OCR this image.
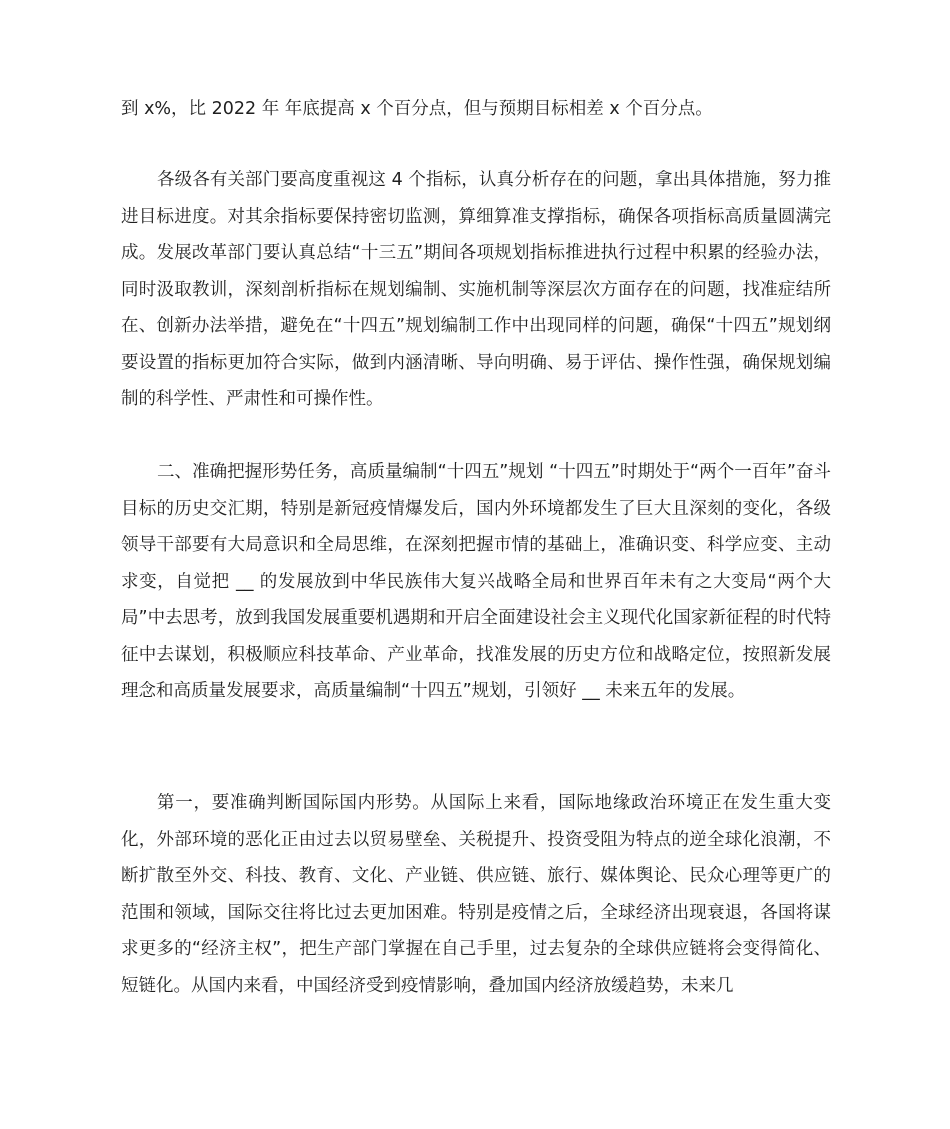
到 x%，比 2022 年 年底提高 x 个百分点，但与预期目标相差 x 个百分点。

各级各有关部门要高度重视这 4 个指标，认真分析存在的问题，拿出具体措施，努力推进目标进度。对其余指标要保持密切监测，算细算准支撑指标，确保各项指标高质量圆满完成。发展改革部门要认真总结“十三五”期间各项规划指标推进执行过程中积累的经验办法，同时汲取教训，深刻剖析指标在规划编制、实施机制等深层次方面存在的问题，找准症结所在、创新办法举措，避免在“十四五”规划编制工作中出现同样的问题，确保“十四五”规划纲要设置的指标更加符合实际，做到内涵清晰、导向明确、易于评估、操作性强，确保规划编制的科学性、严肃性和可操作性。

二、准确把握形势任务，高质量编制“十四五”规划 “十四五”时期处于“两个一百年”奋斗目标的历史交汇期，特别是新冠疫情爆发后，国内外环境都发生了巨大且深刻的变化，各级领导干部要有大局意识和全局思维，在深刻把握市情的基础上，准确识变、科学应变、主动求变，自觉把 __ 的发展放到中华民族伟大复兴战略全局和世界百年未有之大变局“两个大局”中去思考，放到我国发展重要机遇期和开启全面建设社会主义现代化国家新征程的时代特征中去谋划，积极顺应科技革命、产业革命，找准发展的历史方位和战略定位，按照新发展理念和高质量发展要求，高质量编制“十四五”规划，引领好 __ 未来五年的发展。

第一，要准确判断国际国内形势。从国际上来看，国际地缘政治环境正在发生重大变化，外部环境的恶化正由过去以贸易壁垒、关税提升、投资受阻为特点的逆全球化浪潮，不断扩散至外交、科技、教育、文化、产业链、供应链、旅行、媒体舆论、民众心理等更广的范围和领域，国际交往将比过去更加困难。特别是疫情之后，全球经济出现衰退，各国将谋求更多的“经济主权”，把生产部门掌握在自己手里，过去复杂的全球供应链将会变得简化、短链化。从国内来看，中国经济受到疫情影响，叠加国内经济放缓趋势，未来几
